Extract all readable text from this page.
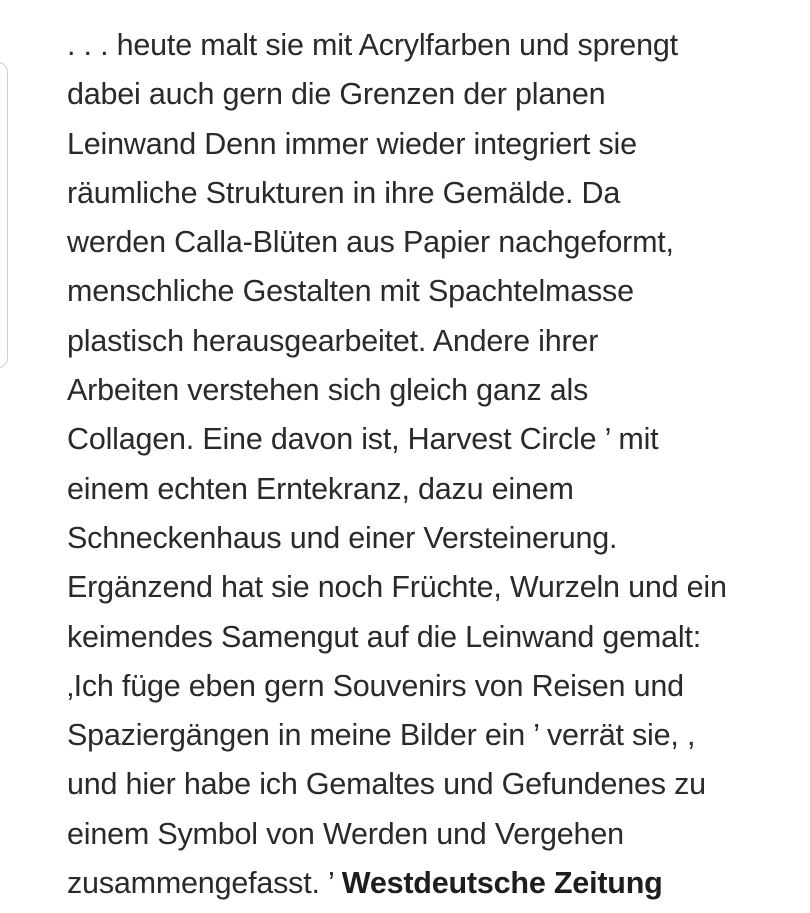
. . . heute malt sie mit Acrylfarben und sprengt
dabei auch gern die Grenzen der planen
Leinwand Denn immer wieder integriert sie
räumliche Strukturen in ihre Gemälde. Da
werden Calla-Blüten aus Papier nachgeformt,
menschliche Gestalten mit Spachtelmasse
plastisch herausgearbeitet. Andere ihrer
Arbeiten verstehen sich gleich ganz als
Collagen. Eine davon ist, Harvest Circle ’ mit
einem echten Erntekranz, dazu einem
Schneckenhaus und einer Versteinerung.
Ergänzend hat sie noch Früchte, Wurzeln und ein
keimendes Samengut auf die Leinwand gemalt:
‚Ich füge eben gern Souvenirs von Reisen und
Spaziergängen in meine Bilder ein ’ verrät sie, ,
und hier habe ich Gemaltes und Gefundenes zu
einem Symbol von Werden und Vergehen
zusammengefasst. ’ Westdeutsche Zeitung
